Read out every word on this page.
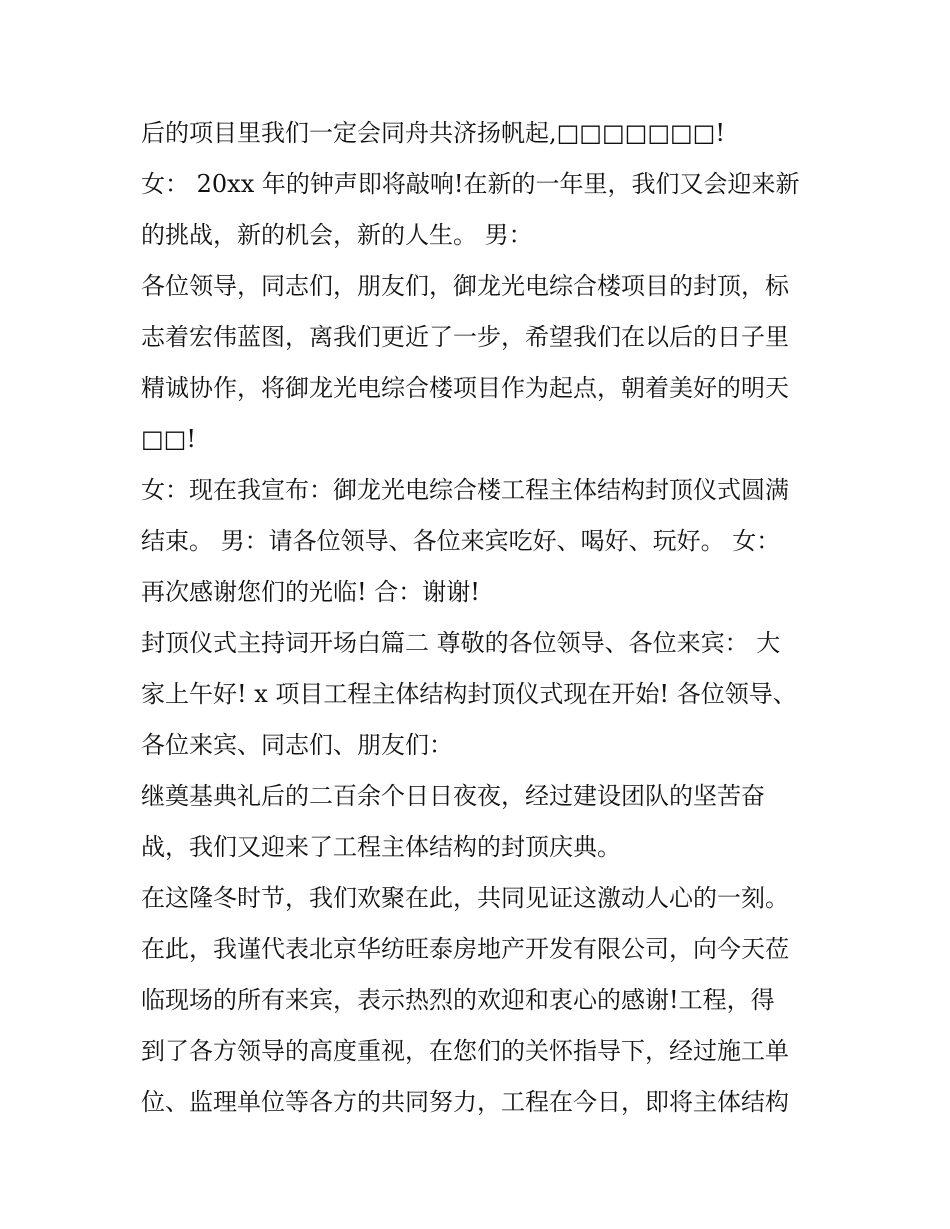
后的项目里我们一定会同舟共济扬帆起,□□□□□□□!
女： 20xx 年的钟声即将敲响!在新的一年里，我们又会迎来新
的挑战，新的机会，新的人生。 男：
各位领导，同志们，朋友们，御龙光电综合楼项目的封顶，标
志着宏伟蓝图，离我们更近了一步，希望我们在以后的日子里
精诚协作，将御龙光电综合楼项目作为起点，朝着美好的明天
□□!
女：现在我宣布：御龙光电综合楼工程主体结构封顶仪式圆满
结束。 男：请各位领导、各位来宾吃好、喝好、玩好。 女：
再次感谢您们的光临! 合：谢谢!
封顶仪式主持词开场白篇二 尊敬的各位领导、各位来宾： 大
家上午好! x 项目工程主体结构封顶仪式现在开始! 各位领导、
各位来宾、同志们、朋友们：
继奠基典礼后的二百余个日日夜夜，经过建设团队的坚苦奋
战，我们又迎来了工程主体结构的封顶庆典。
在这隆冬时节，我们欢聚在此，共同见证这激动人心的一刻。
在此，我谨代表北京华纺旺泰房地产开发有限公司，向今天莅
临现场的所有来宾，表示热烈的欢迎和衷心的感谢!工程，得
到了各方领导的高度重视，在您们的关怀指导下，经过施工单
位、监理单位等各方的共同努力，工程在今日，即将主体结构
